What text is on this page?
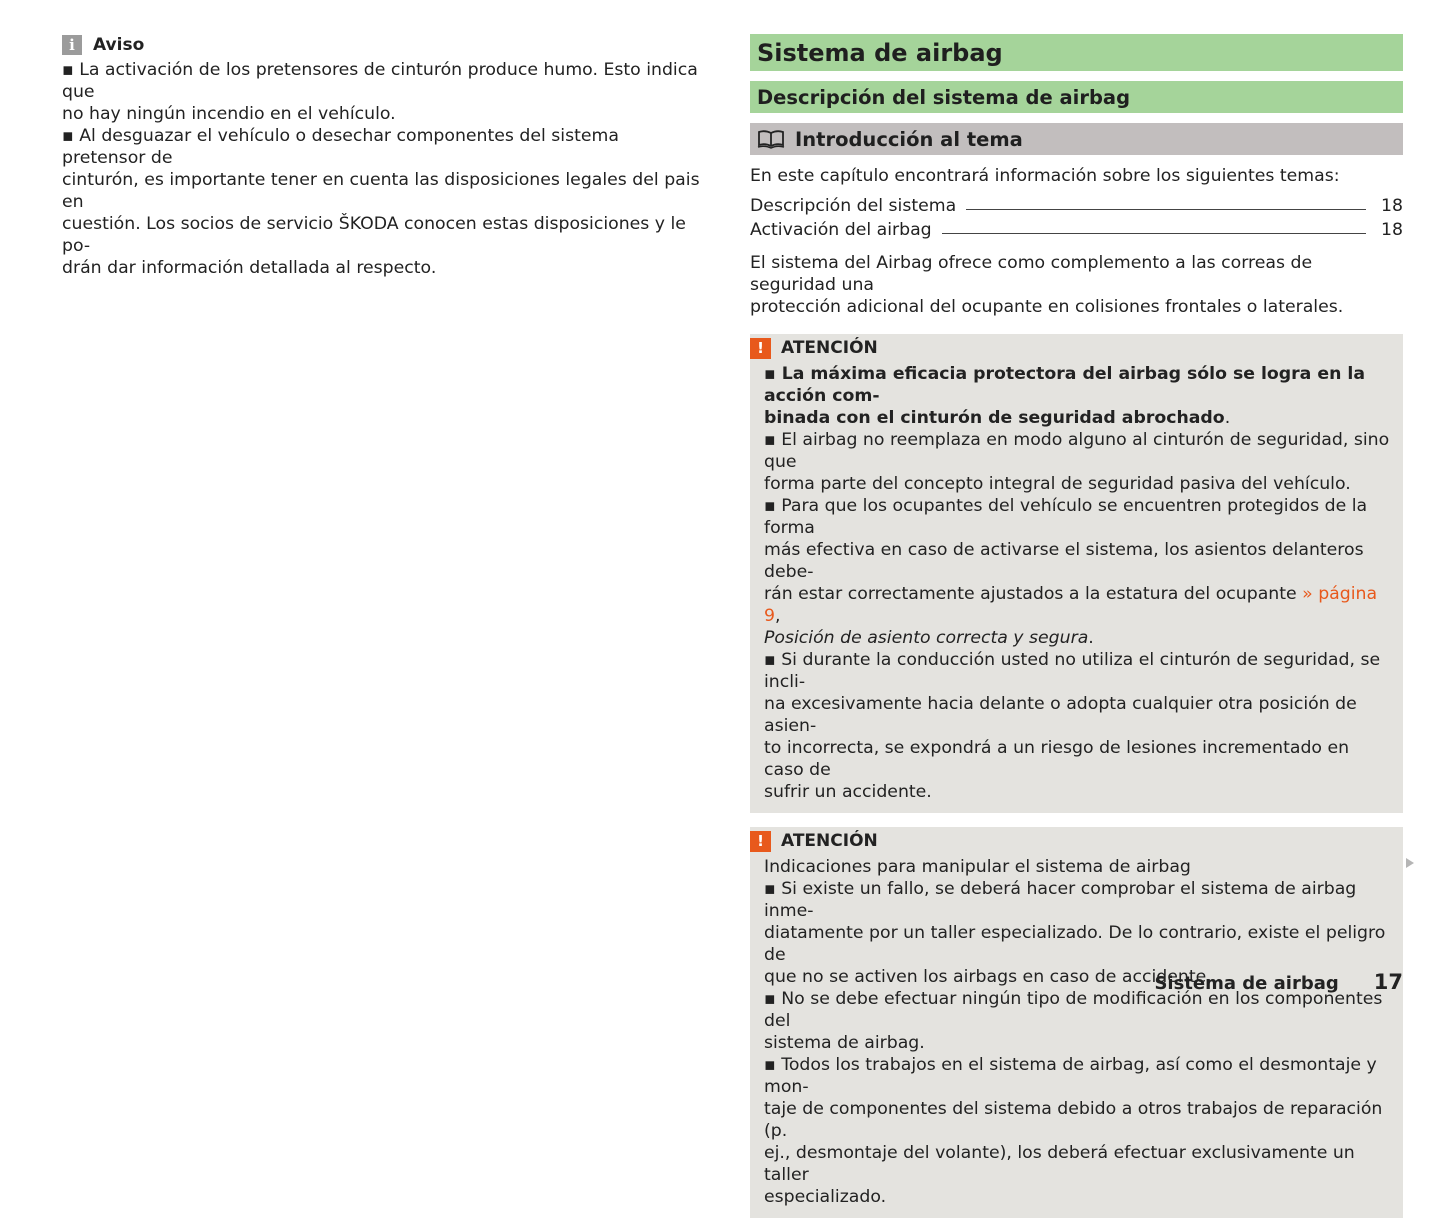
i	Aviso

▪ La activación de los pretensores de cinturón produce humo. Esto indica que

no hay ningún incendio en el vehículo.

▪ Al desguazar el vehículo o desechar componentes del sistema pretensor de

cinturón, es importante tener en cuenta las disposiciones legales del pais en

cuestión. Los socios de servicio ŠKODA conocen estas disposiciones y le po-

drán dar información detallada al respecto.

Sistema de airbag
Descripción del sistema de airbag
Introducción al tema

En este capítulo encontrará información sobre los siguientes temas:

Descripción del sistema	18
Activación del airbag	18
El sistema del Airbag ofrece como complemento a las correas de seguridad una
protección adicional del ocupante en colisiones frontales o laterales.
!	ATENCIÓN

▪ La máxima eficacia protectora del airbag sólo se logra en la acción com-

binada con el cinturón de seguridad abrochado.

▪ El airbag no reemplaza en modo alguno al cinturón de seguridad, sino que

forma parte del concepto integral de seguridad pasiva del vehículo.

▪ Para que los ocupantes del vehículo se encuentren protegidos de la forma

más efectiva en caso de activarse el sistema, los asientos delanteros debe-

rán estar correctamente ajustados a la estatura del ocupante » página 9,

Posición de asiento correcta y segura.

▪ Si durante la conducción usted no utiliza el cinturón de seguridad, se incli-

na excesivamente hacia delante o adopta cualquier otra posición de asien-

to incorrecta, se expondrá a un riesgo de lesiones incrementado en caso de

sufrir un accidente.

!	ATENCIÓN

Indicaciones para manipular el sistema de airbag

▪ Si existe un fallo, se deberá hacer comprobar el sistema de airbag inme-

diatamente por un taller especializado. De lo contrario, existe el peligro de

que no se activen los airbags en caso de accidente.

▪ No se debe efectuar ningún tipo de modificación en los componentes del

sistema de airbag.

▪ Todos los trabajos en el sistema de airbag, así como el desmontaje y mon-

taje de componentes del sistema debido a otros trabajos de reparación (p.

ej., desmontaje del volante), los deberá efectuar exclusivamente un taller

especializado.

Sistema de airbag 17
